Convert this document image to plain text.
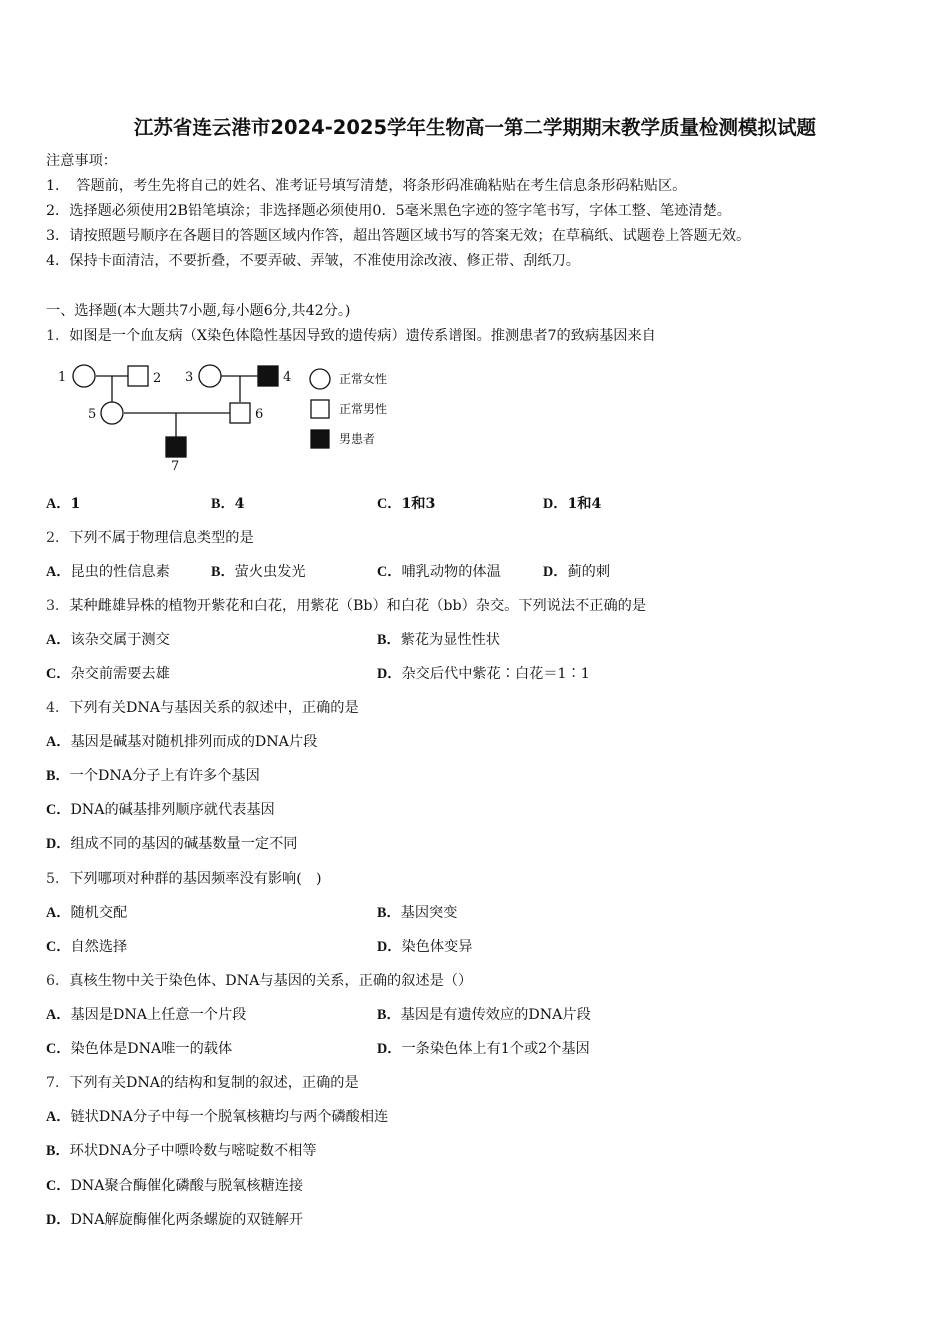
江苏省连云港市2024-2025学年生物高一第二学期期末教学质量检测模拟试题
注意事项：
1．　答题前，考生先将自己的姓名、准考证号填写清楚，将条形码准确粘贴在考生信息条形码粘贴区。
2．选择题必须使用2B铅笔填涂；非选择题必须使用0．5毫米黑色字迹的签字笔书写，字体工整、笔迹清楚。
3．请按照题号顺序在各题目的答题区域内作答，超出答题区域书写的答案无效；在草稿纸、试题卷上答题无效。
4．保持卡面清洁，不要折叠，不要弄破、弄皱，不准使用涂改液、修正带、刮纸刀。
一、选择题(本大题共7小题,每小题6分,共42分。)
1．如图是一个血友病（X染色体隐性基因导致的遗传病）遗传系谱图。推测患者7的致病基因来自
1	2 3	4
5	6
7
正常女性
正常男性
男患者
A．1	B．4	C．1和3	D．1和4
2．下列不属于物理信息类型的是
A．昆虫的性信息素	B．萤火虫发光	C．哺乳动物的体温	D．蓟的刺
3．某种雌雄异株的植物开紫花和白花，用紫花（Bb）和白花（bb）杂交。下列说法不正确的是
A．该杂交属于测交	B．紫花为显性性状
C．杂交前需要去雄	D．杂交后代中紫花∶白花＝1∶1
4．下列有关DNA与基因关系的叙述中，正确的是
A．基因是碱基对随机排列而成的DNA片段
B．一个DNA分子上有许多个基因
C．DNA的碱基排列顺序就代表基因
D．组成不同的基因的碱基数量一定不同
5．下列哪项对种群的基因频率没有影响(　)
A．随机交配	B．基因突变
C．自然选择	D．染色体变异
6．真核生物中关于染色体、DNA与基因的关系，正确的叙述是（）
A．基因是DNA上任意一个片段	B．基因是有遗传效应的DNA片段
C．染色体是DNA唯一的载体	D．一条染色体上有1个或2个基因
7．下列有关DNA的结构和复制的叙述，正确的是
A．链状DNA分子中每一个脱氧核糖均与两个磷酸相连
B．环状DNA分子中嘌呤数与嘧啶数不相等
C．DNA聚合酶催化磷酸与脱氧核糖连接
D．DNA解旋酶催化两条螺旋的双链解开
